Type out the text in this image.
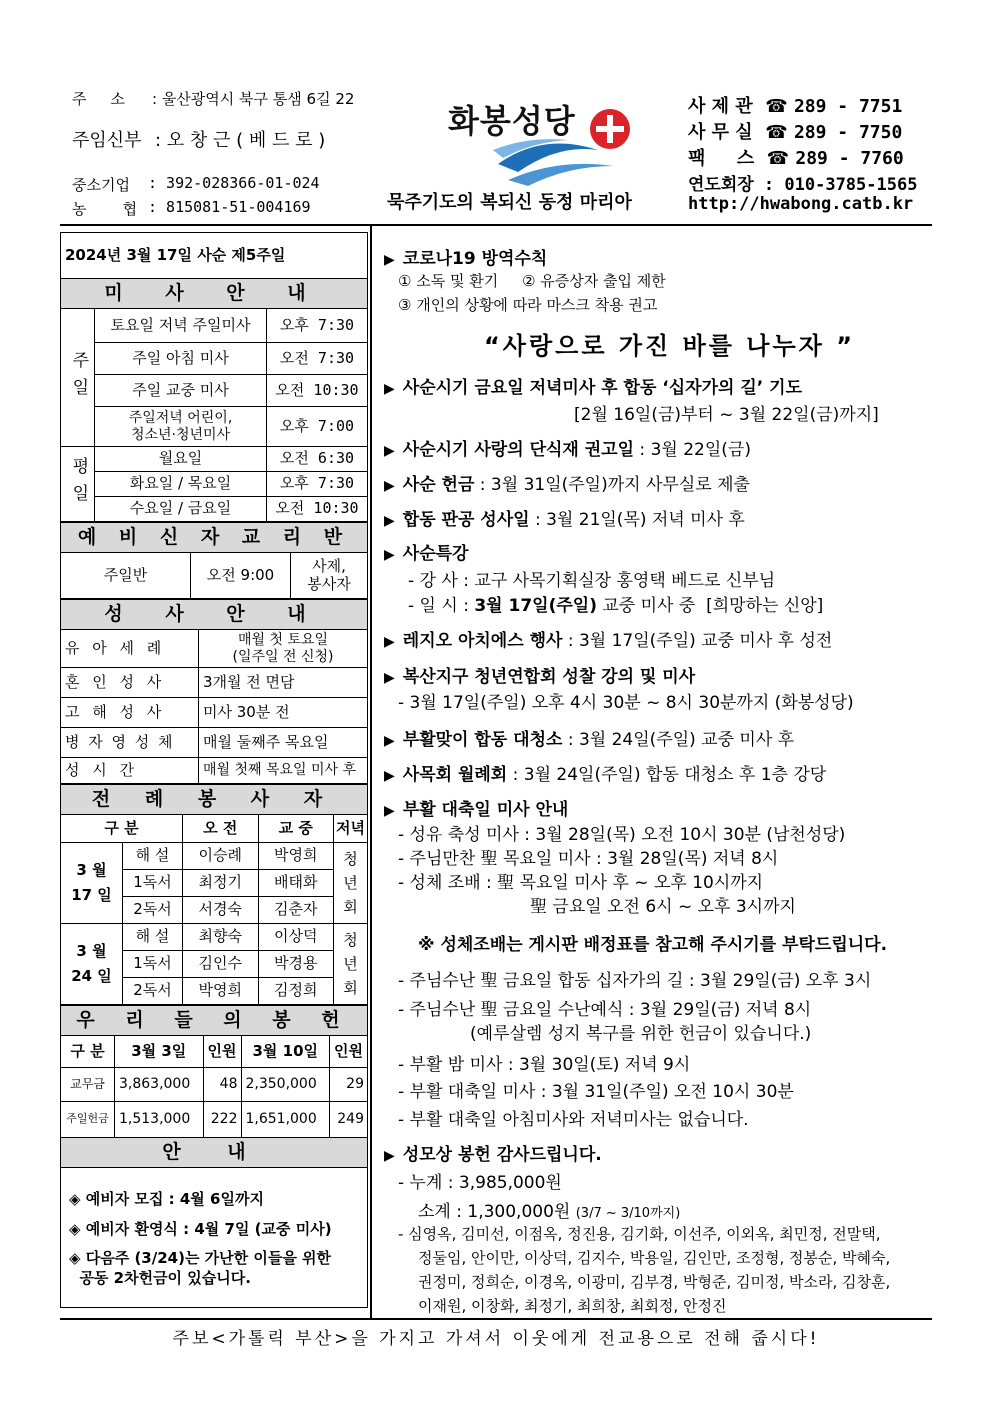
주     소 : 울산광역시 북구 통샘 6길 22
주임신부 : 오 창 근 ( 베 드 로 )
중소기업 : 392-028366-01-024
농    협 : 815081-51-004169
화봉성당
묵주기도의 복되신 동정 마리아
사 제 관 ☎ 289 - 7751
사 무 실 ☎ 289 - 7750
팩     스 ☎ 289 - 7760
연도회장 : 010-3785-1565
http://hwabong.catb.kr
2024년 3월 17일 사순 제5주일		
미 사 안 내		
주일	토요일 저녁 주일미사	오후 7:30
	주일 아침 미사	오전 7:30
	주일 교중 미사	오전 10:30
	주일저녁 어린이,
청소년·청년미사	오후 7:00
평일	월요일	오전 6:30
	화요일 / 목요일	오후 7:30
	수요일 / 금요일	오전 10:30
예 비 신 자 교 리 반
주일반	오전 9:00	사제,
봉사자
성 사 안 내	
유 아 세 례	매월 첫 토요일
(일주일 전 신청)
혼 인 성 사	3개월 전 면담
고 해 성 사	미사 30분 전
병 자 영 성 체	매월 둘째주 목요일
성 시 간	매월 첫째 목요일 미사 후
전 례 봉 사 자				
구 분		오 전	교 중	저녁
3 월
17 일	해 설	이승례	박영희	청
년
회
	1독서	최정기	배태화	
	2독서	서경숙	김춘자	
3 월
24 일	해 설	최향숙	이상덕	청
년
회
	1독서	김인수	박경용	
	2독서	박영희	김정희	
우 리 들 의 봉 헌				
구 분	3월 3일	인원	3월 10일	인원
교무금	3,863,000	48	2,350,000	29
주일헌금	1,513,000	222	1,651,000	249
안 내				

◈ 예비자 모집 : 4월 6일까지

◈ 예비자 환영식 : 4월 7일 (교중 미사)

◈ 다음주 (3/24)는 가난한 이들을 위한
공동 2차헌금이 있습니다.

▶ 코로나19 방역수칙
① 소독 및 환기     ② 유증상자 출입 제한
③ 개인의 상황에 따라 마스크 착용 권고
“사랑으로 가진 바를 나누자 ”
▶ 사순시기 금요일 저녁미사 후 합동 ‘십자가의 길’ 기도
[2월 16일(금)부터 ~ 3월 22일(금)까지]
▶ 사순시기 사랑의 단식재 권고일 : 3월 22일(금)
▶ 사순 헌금 : 3월 31일(주일)까지 사무실로 제출
▶ 합동 판공 성사일 : 3월 21일(목) 저녁 미사 후
▶ 사순특강
- 강 사 : 교구 사목기획실장 홍영택 베드로 신부님
- 일 시 : 3월 17일(주일) 교중 미사 중  [희망하는 신앙]
▶ 레지오 아치에스 행사 : 3월 17일(주일) 교중 미사 후 성전
▶ 복산지구 청년연합회 성찰 강의 및 미사
- 3월 17일(주일) 오후 4시 30분 ~ 8시 30분까지 (화봉성당)
▶ 부활맞이 합동 대청소 : 3월 24일(주일) 교중 미사 후
▶ 사목회 월례회 : 3월 24일(주일) 합동 대청소 후 1층 강당
▶ 부활 대축일 미사 안내
- 성유 축성 미사 : 3월 28일(목) 오전 10시 30분 (남천성당)
- 주님만찬 聖 목요일 미사 : 3월 28일(목) 저녁 8시
- 성체 조배 : 聖 목요일 미사 후 ~ 오후 10시까지
聖 금요일 오전 6시 ~ 오후 3시까지
※ 성체조배는 게시판 배정표를 참고해 주시기를 부탁드립니다.
- 주님수난 聖 금요일 합동 십자가의 길 : 3월 29일(금) 오후 3시
- 주님수난 聖 금요일 수난예식 : 3월 29일(금) 저녁 8시
(예루살렘 성지 복구를 위한 헌금이 있습니다.)
- 부활 밤 미사 : 3월 30일(토) 저녁 9시
- 부활 대축일 미사 : 3월 31일(주일) 오전 10시 30분
- 부활 대축일 아침미사와 저녁미사는 없습니다.
▶ 성모상 봉헌 감사드립니다.
- 누계 : 3,985,000원
소계 : 1,300,000원 (3/7 ~ 3/10까지)
- 심영옥, 김미선, 이점옥, 정진용, 김기화, 이선주, 이외옥, 최민정, 전말택,
정둘임, 안이만, 이상덕, 김지수, 박용일, 김인만, 조정형, 정봉순, 박혜숙,
권정미, 정희순, 이경옥, 이광미, 김부경, 박형준, 김미정, 박소라, 김창훈,
이재원, 이창화, 최정기, 최희창, 최회정, 안정진
주보<가톨릭 부산>을 가지고 가셔서 이웃에게 전교용으로 전해 줍시다!
